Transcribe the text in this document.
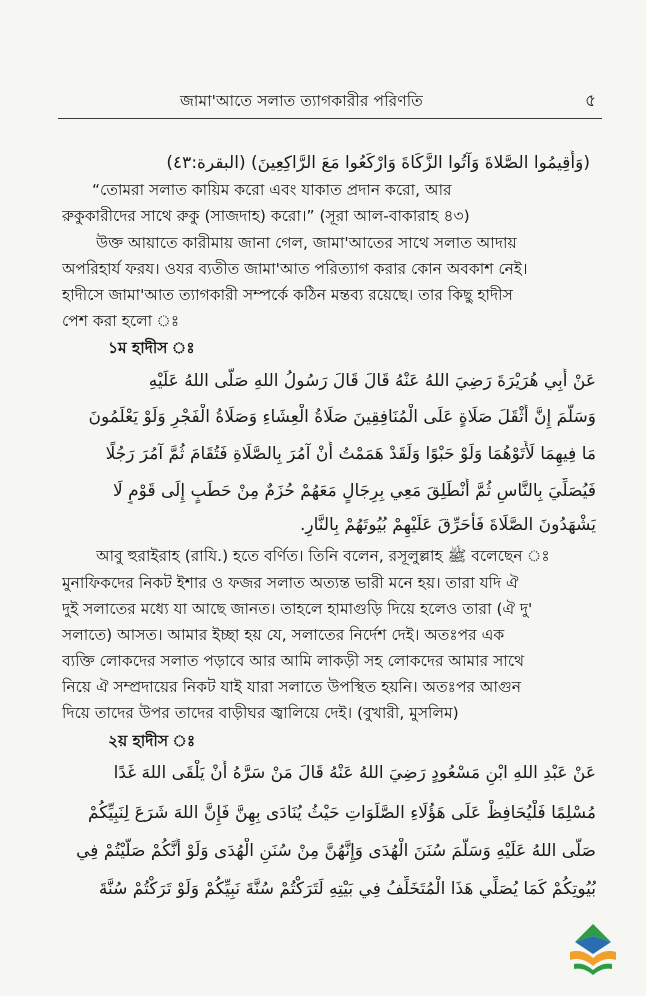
জামা'আতে সলাত ত্যাগকারীর পরিণতি	৫
(وَأَقِيمُوا الصَّلاةَ وَآتُوا الزَّكَاةَ وَارْكَعُوا مَعَ الرَّاكِعِينَ) (البقرة:٤٣)
“তোমরা সলাত কায়িম করো এবং যাকাত প্রদান করো, আর
রুকুকারীদের সাথে রুকু (সাজদাহ) করো।” (সূরা আল-বাকারাহ ৪৩)
উক্ত আয়াতে কারীমায় জানা গেল, জামা'আতের সাথে সলাত আদায়
অপরিহার্য ফরয। ওযর ব্যতীত জামা'আত পরিত্যাগ করার কোন অবকাশ নেই।
হাদীসে জামা'আত ত্যাগকারী সম্পর্কে কঠিন মন্তব্য রয়েছে। তার কিছু হাদীস
পেশ করা হলো ঃ
১ম হাদীস ঃ
عَنْ أَبِي هُرَيْرَةَ رَضِيَ اللهُ عَنْهُ قَالَ قَالَ رَسُولُ اللهِ صَلَّى اللهُ عَلَيْهِ
وَسَلَّمَ إِنَّ أَثْقَلَ صَلَاةٍ عَلَى الْمُنَافِقِينَ صَلَاةُ الْعِشَاءِ وَصَلَاةُ الْفَجْرِ وَلَوْ يَعْلَمُونَ
مَا فِيهِمَا لَأَتَوْهُمَا وَلَوْ حَبْوًا وَلَقَدْ هَمَمْتُ أَنْ آمُرَ بِالصَّلَاةِ فَتُقَامَ ثُمَّ آمُرَ رَجُلًا
فَيُصَلِّيَ بِالنَّاسِ ثُمَّ أَنْطَلِقَ مَعِي بِرِجَالٍ مَعَهُمْ حُزَمٌ مِنْ حَطَبٍ إِلَى قَوْمٍ لَا
يَشْهَدُونَ الصَّلَاةَ فَأُحَرِّقَ عَلَيْهِمْ بُيُوتَهُمْ بِالنَّارِ.
আবু হুরাইরাহ (রাযি.) হতে বর্ণিত। তিনি বলেন, রসূলুল্লাহ ﷺ বলেছেন ঃ
মুনাফিকদের নিকট ইশার ও ফজর সলাত অত্যন্ত ভারী মনে হয়। তারা যদি ঐ
দুই সলাতের মধ্যে যা আছে জানত। তাহলে হামাগুড়ি দিয়ে হলেও তারা (ঐ দু'
সলাতে) আসত। আমার ইচ্ছা হয় যে, সলাতের নির্দেশ দেই। অতঃপর এক
ব্যক্তি লোকদের সলাত পড়াবে আর আমি লাকড়ী সহ লোকদের আমার সাথে
নিয়ে ঐ সম্প্রদায়ের নিকট যাই যারা সলাতে উপস্থিত হয়নি। অতঃপর আগুন
দিয়ে তাদের উপর তাদের বাড়ীঘর জ্বালিয়ে দেই। (বুখারী, মুসলিম)
২য় হাদীস ঃ
عَنْ عَبْدِ اللهِ ابْنِ مَسْعُودٍ رَضِيَ اللهُ عَنْهُ قَالَ مَنْ سَرَّهُ أَنْ يَلْقَى اللهَ غَدًا
مُسْلِمًا فَلْيُحَافِظْ عَلَى هَؤُلَاءِ الصَّلَوَاتِ حَيْثُ يُنَادَى بِهِنَّ فَإِنَّ اللهَ شَرَعَ لِنَبِيِّكُمْ
صَلَّى اللهُ عَلَيْهِ وَسَلَّمَ سُنَنَ الْهُدَى وَإِنَّهُنَّ مِنْ سُنَنِ الْهُدَى وَلَوْ أَنَّكُمْ صَلَّيْتُمْ فِي
بُيُوتِكُمْ كَمَا يُصَلِّي هَذَا الْمُتَخَلِّفُ فِي بَيْتِهِ لَتَرَكْتُمْ سُنَّةَ نَبِيِّكُمْ وَلَوْ تَرَكْتُمْ سُنَّةَ
